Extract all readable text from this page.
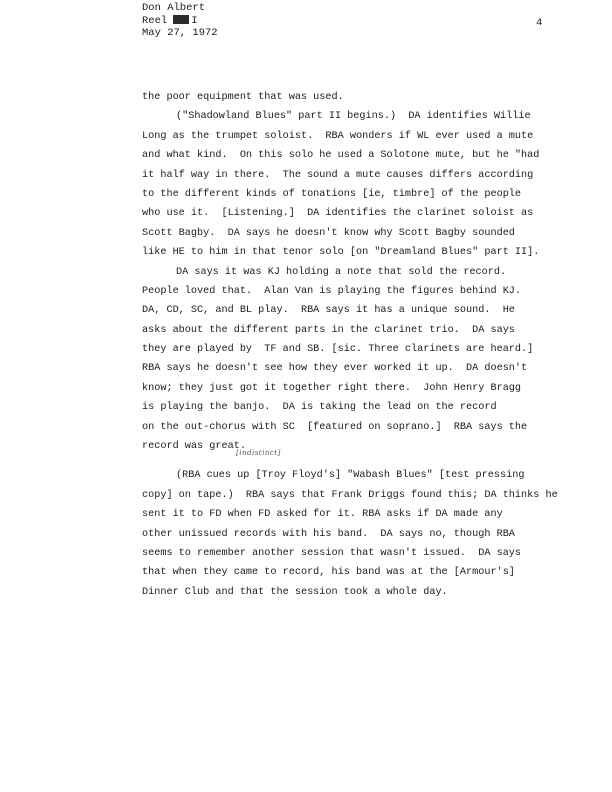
Don Albert
Reel I
May 27, 1972
4
the poor equipment that was used.
("Shadowland Blues" part II begins.)  DA identifies Willie
Long as the trumpet soloist.  RBA wonders if WL ever used a mute
and what kind.  On this solo he used a Solotone mute, but he "had
it half way in there.  The sound a mute causes differs according
to the different kinds of tonations [ie, timbre] of the people
who use it.  [Listening.]  DA identifies the clarinet soloist as
Scott Bagby.  DA says he doesn't know why Scott Bagby sounded
like HE to him in that tenor solo [on "Dreamland Blues" part II].
DA says it was KJ holding a note that sold the record.
People loved that.  Alan Van is playing the figures behind KJ.
DA, CD, SC, and BL play.  RBA says it has a unique sound.  He
asks about the different parts in the clarinet trio.  DA says
they are played by  TF and SB. [sic. Three clarinets are heard.]
RBA says he doesn't see how they ever worked it up.  DA doesn't
know; they just got it together right there.  John Henry Bragg
is playing the banjo.  DA is taking the lead on the record
on the out-chorus with SC  [featured on soprano.]  RBA says the
record was great.
(RBA cues up [Troy Floyd's] "Wabash Blues" [test pressing
copy] on tape.)  RBA says that Frank Driggs found this; DA thinks he
sent it to FD when FD asked for it. RBA asks if DA made any
other unissued records with his band.  DA says no, though RBA
seems to remember another session that wasn't issued.  DA says
that when they came to record, his band was at the [Armour's]
Dinner Club and that the session took a whole day.
[indistinct]
